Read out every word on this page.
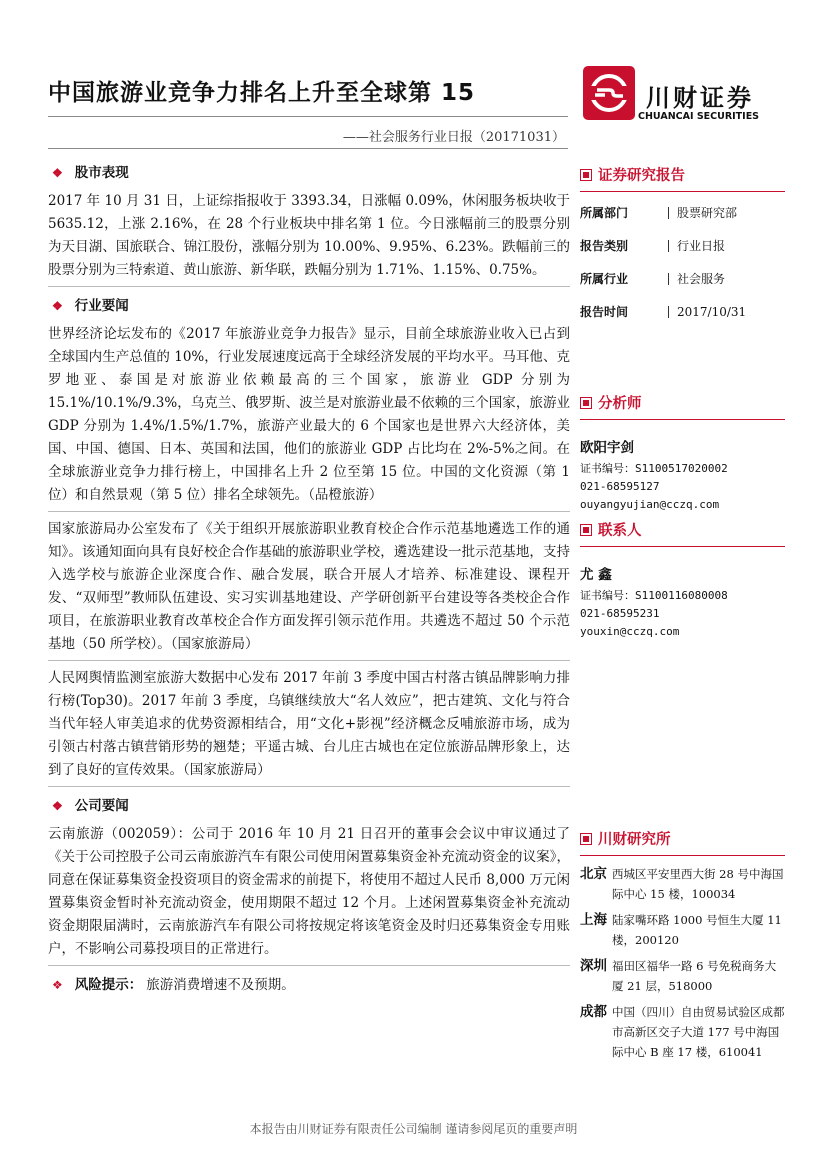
中国旅游业竞争力排名上升至全球第 15
——社会服务行业日报（20171031）
川财证券
CHUANCAI SECURITIES
❖ 股市表现
2017 年 10 月 31 日，上证综指报收于 3393.34，日涨幅 0.09%，休闲服务板块收于 5635.12，上涨 2.16%，在 28 个行业板块中排名第 1 位。今日涨幅前三的股票分别为天目湖、国旅联合、锦江股份，涨幅分别为 10.00%、9.95%、6.23%。跌幅前三的股票分别为三特索道、黄山旅游、新华联，跌幅分别为 1.71%、1.15%、0.75%。
❖ 行业要闻
世界经济论坛发布的《2017 年旅游业竞争力报告》显示，目前全球旅游业收入已占到全球国内生产总值的 10%，行业发展速度远高于全球经济发展的平均水平。马耳他、克罗地亚、泰国是对旅游业依赖最高的三个国家，旅游业 GDP 分别为 15.1%/10.1%/9.3%，乌克兰、俄罗斯、波兰是对旅游业最不依赖的三个国家，旅游业 GDP 分别为 1.4%/1.5%/1.7%，旅游产业最大的 6 个国家也是世界六大经济体，美国、中国、德国、日本、英国和法国，他们的旅游业 GDP 占比均在 2%-5%之间。在全球旅游业竞争力排行榜上，中国排名上升 2 位至第 15 位。中国的文化资源（第 1 位）和自然景观（第 5 位）排名全球领先。（品橙旅游）
国家旅游局办公室发布了《关于组织开展旅游职业教育校企合作示范基地遴选工作的通知》。该通知面向具有良好校企合作基础的旅游职业学校，遴选建设一批示范基地，支持入选学校与旅游企业深度合作、融合发展，联合开展人才培养、标准建设、课程开发、“双师型”教师队伍建设、实习实训基地建设、产学研创新平台建设等各类校企合作项目，在旅游职业教育改革校企合作方面发挥引领示范作用。共遴选不超过 50 个示范基地（50 所学校）。（国家旅游局）
人民网舆情监测室旅游大数据中心发布 2017 年前 3 季度中国古村落古镇品牌影响力排行榜(Top30)。2017 年前 3 季度，乌镇继续放大“名人效应”，把古建筑、文化与符合当代年轻人审美追求的优势资源相结合，用“文化+影视”经济概念反哺旅游市场，成为引领古村落古镇营销形势的翘楚；平遥古城、台儿庄古城也在定位旅游品牌形象上，达到了良好的宣传效果。（国家旅游局）
❖ 公司要闻
云南旅游（002059）：公司于 2016 年 10 月 21 日召开的董事会会议中审议通过了《关于公司控股子公司云南旅游汽车有限公司使用闲置募集资金补充流动资金的议案》，同意在保证募集资金投资项目的资金需求的前提下，将使用不超过人民币 8,000 万元闲置募集资金暂时补充流动资金，使用期限不超过 12 个月。上述闲置募集资金补充流动资金期限届满时，云南旅游汽车有限公司将按规定将该笔资金及时归还募集资金专用账户，不影响公司募投项目的正常进行。
❖ 风险提示： 旅游消费增速不及预期。
证券研究报告
所属部门	股票研究部
报告类别	行业日报
所属行业	社会服务
报告时间	2017/10/31
分析师
欧阳宇剑
证书编号：S1100517020002
021-68595127
ouyangyujian@cczq.com
联系人
尤 鑫
证书编号：S1100116080008
021-68595231
youxin@cczq.com
川财研究所
北京 西城区平安里西大街 28 号中海国际中心 15 楼，100034
上海 陆家嘴环路 1000 号恒生大厦 11 楼，200120
深圳 福田区福华一路 6 号免税商务大厦 21 层，518000
成都 中国（四川）自由贸易试验区成都市高新区交子大道 177 号中海国际中心 B 座 17 楼，610041
本报告由川财证券有限责任公司编制 谨请参阅尾页的重要声明
